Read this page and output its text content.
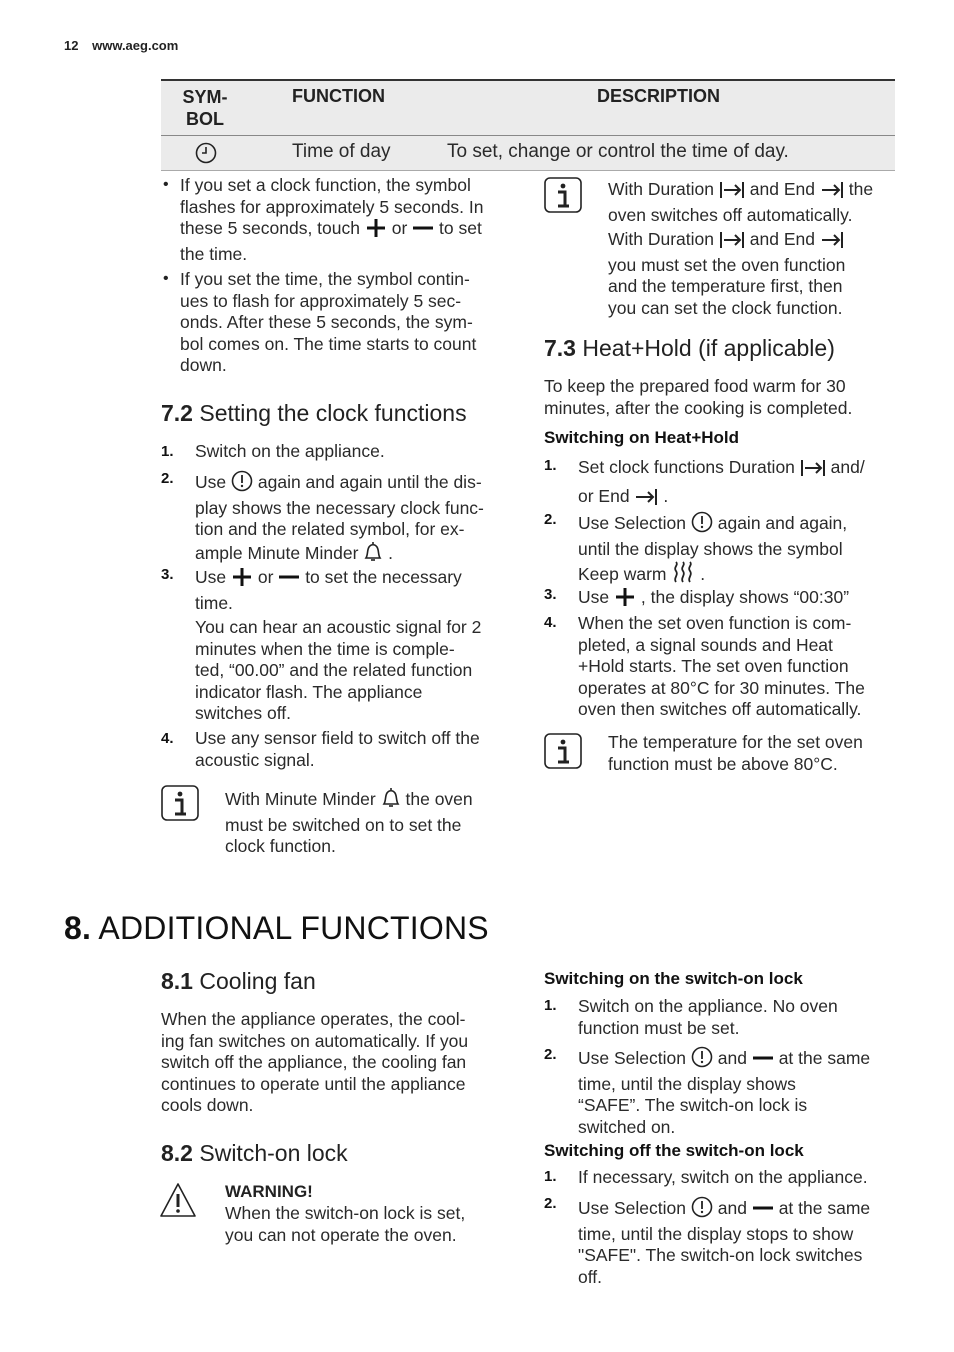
12 www.aeg.com
SYM-
BOL
FUNCTION	DESCRIPTION
Time of day	To set, change or control the time of day.
• If you set a clock function, the symbol
flashes for approximately 5 seconds. In
these 5 seconds, touch or to set
the time.
• If you set the time, the symbol contin-
ues to flash for approximately 5 sec-
onds. After these 5 seconds, the sym-
bol comes on. The time starts to count
down.
7.2 Setting the clock functions
1. Switch on the appliance.
2. Use again and again until the dis-
play shows the necessary clock func-
tion and the related symbol, for ex-
ample Minute Minder .
3. Use or to set the necessary
time.
You can hear an acoustic signal for 2
minutes when the time is comple-
ted, “00.00” and the related function
indicator flash. The appliance
switches off.
4. Use any sensor field to switch off the
acoustic signal.
With Minute Minder the oven
must be switched on to set the
clock function.
With Duration and End the
oven switches off automatically.
With Duration and End
you must set the oven function
and the temperature first, then
you can set the clock function.
7.3 Heat+Hold (if applicable)
To keep the prepared food warm for 30
minutes, after the cooking is completed.
Switching on Heat+Hold
1. Set clock functions Duration and/
or End .
2. Use Selection again and again,
until the display shows the symbol
Keep warm .
3. Use , the display shows “00:30”
4. When the set oven function is com-
pleted, a signal sounds and Heat
+Hold starts. The set oven function
operates at 80°C for 30 minutes. The
oven then switches off automatically.
The temperature for the set oven
function must be above 80°C.
8. ADDITIONAL FUNCTIONS
8.1 Cooling fan
When the appliance operates, the cool-
ing fan switches on automatically. If you
switch off the appliance, the cooling fan
continues to operate until the appliance
cools down.
8.2 Switch-on lock
WARNING!
When the switch-on lock is set,
you can not operate the oven.
Switching on the switch-on lock
1. Switch on the appliance. No oven
function must be set.
2. Use Selection and at the same
time, until the display shows
“SAFE”. The switch-on lock is
switched on.
Switching off the switch-on lock
1. If necessary, switch on the appliance.
2. Use Selection and at the same
time, until the display stops to show
"SAFE". The switch-on lock switches
off.
